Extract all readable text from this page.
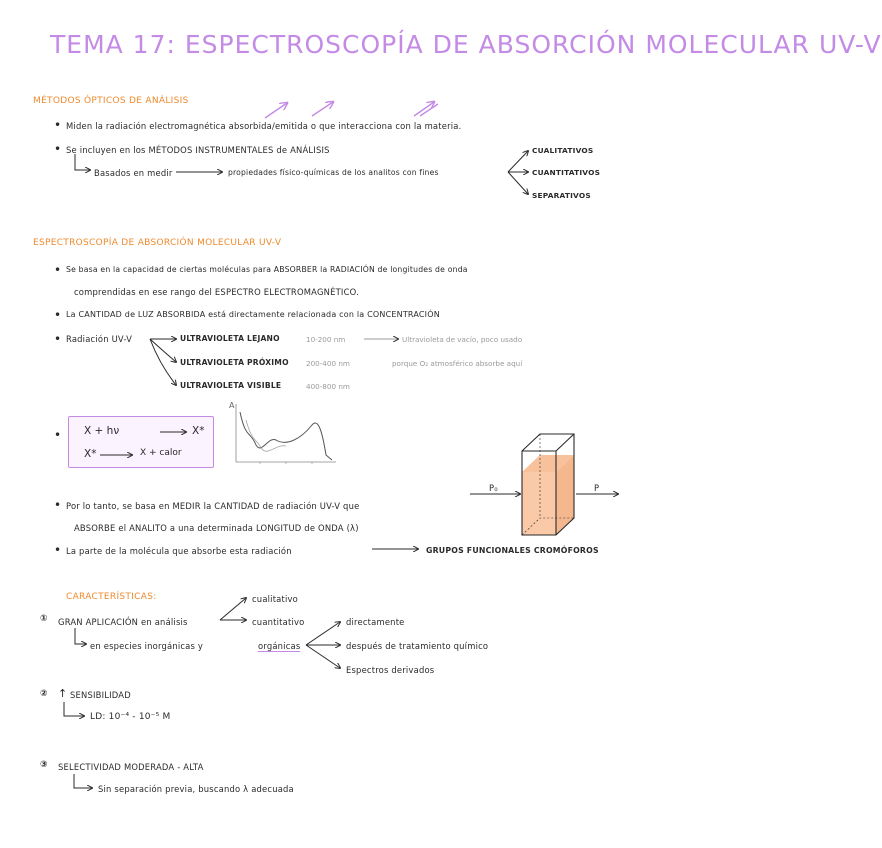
TEMA 17: ESPECTROSCOPÍA DE ABSORCIÓN MOLECULAR UV-V
MÉTODOS ÓPTICOS DE ANÁLISIS
• Miden la radiación electromagnética absorbida/emitida o que interacciona con la materia.
• Se incluyen en los MÉTODOS INSTRUMENTALES de ANÁLISIS
Basados en medir	propiedades físico-químicas de los analitos con fines
CUALITATIVOS
CUANTITATIVOS
SEPARATIVOS
ESPECTROSCOPÍA DE ABSORCIÓN MOLECULAR UV-V
• Se basa en la capacidad de ciertas moléculas para ABSORBER la RADIACIÓN de longitudes de onda
comprendidas en ese rango del ESPECTRO ELECTROMAGNÉTICO.
• La CANTIDAD de LUZ ABSORBIDA está directamente relacionada con la CONCENTRACIÓN
• Radiación UV-V	ULTRAVIOLETA LEJANO	10-200 nm	Ultravioleta de vacío, poco usado
ULTRAVIOLETA PRÓXIMO 200-400 nm	porque O₂ atmosférico absorbe aquí
ULTRAVIOLETA VISIBLE	400-800 nm
• X + hν	X*
X*	X + calor
A
• Por lo tanto, se basa en MEDIR la CANTIDAD de radiación UV-V que
ABSORBE el ANALITO a una determinada LONGITUD de ONDA (λ)
P₀	P
• La parte de la molécula que absorbe esta radiación	GRUPOS FUNCIONALES CROMÓFOROS
CARACTERÍSTICAS:
① GRAN APLICACIÓN en análisis
cualitativo
cuantitativo
en especies inorgánicas y	orgánicas
directamente
después de tratamiento químico
Espectros derivados
② ↑ SENSIBILIDAD
LD: 10⁻⁴ - 10⁻⁵ M
③ SELECTIVIDAD MODERADA - ALTA
Sin separación previa, buscando λ adecuada
